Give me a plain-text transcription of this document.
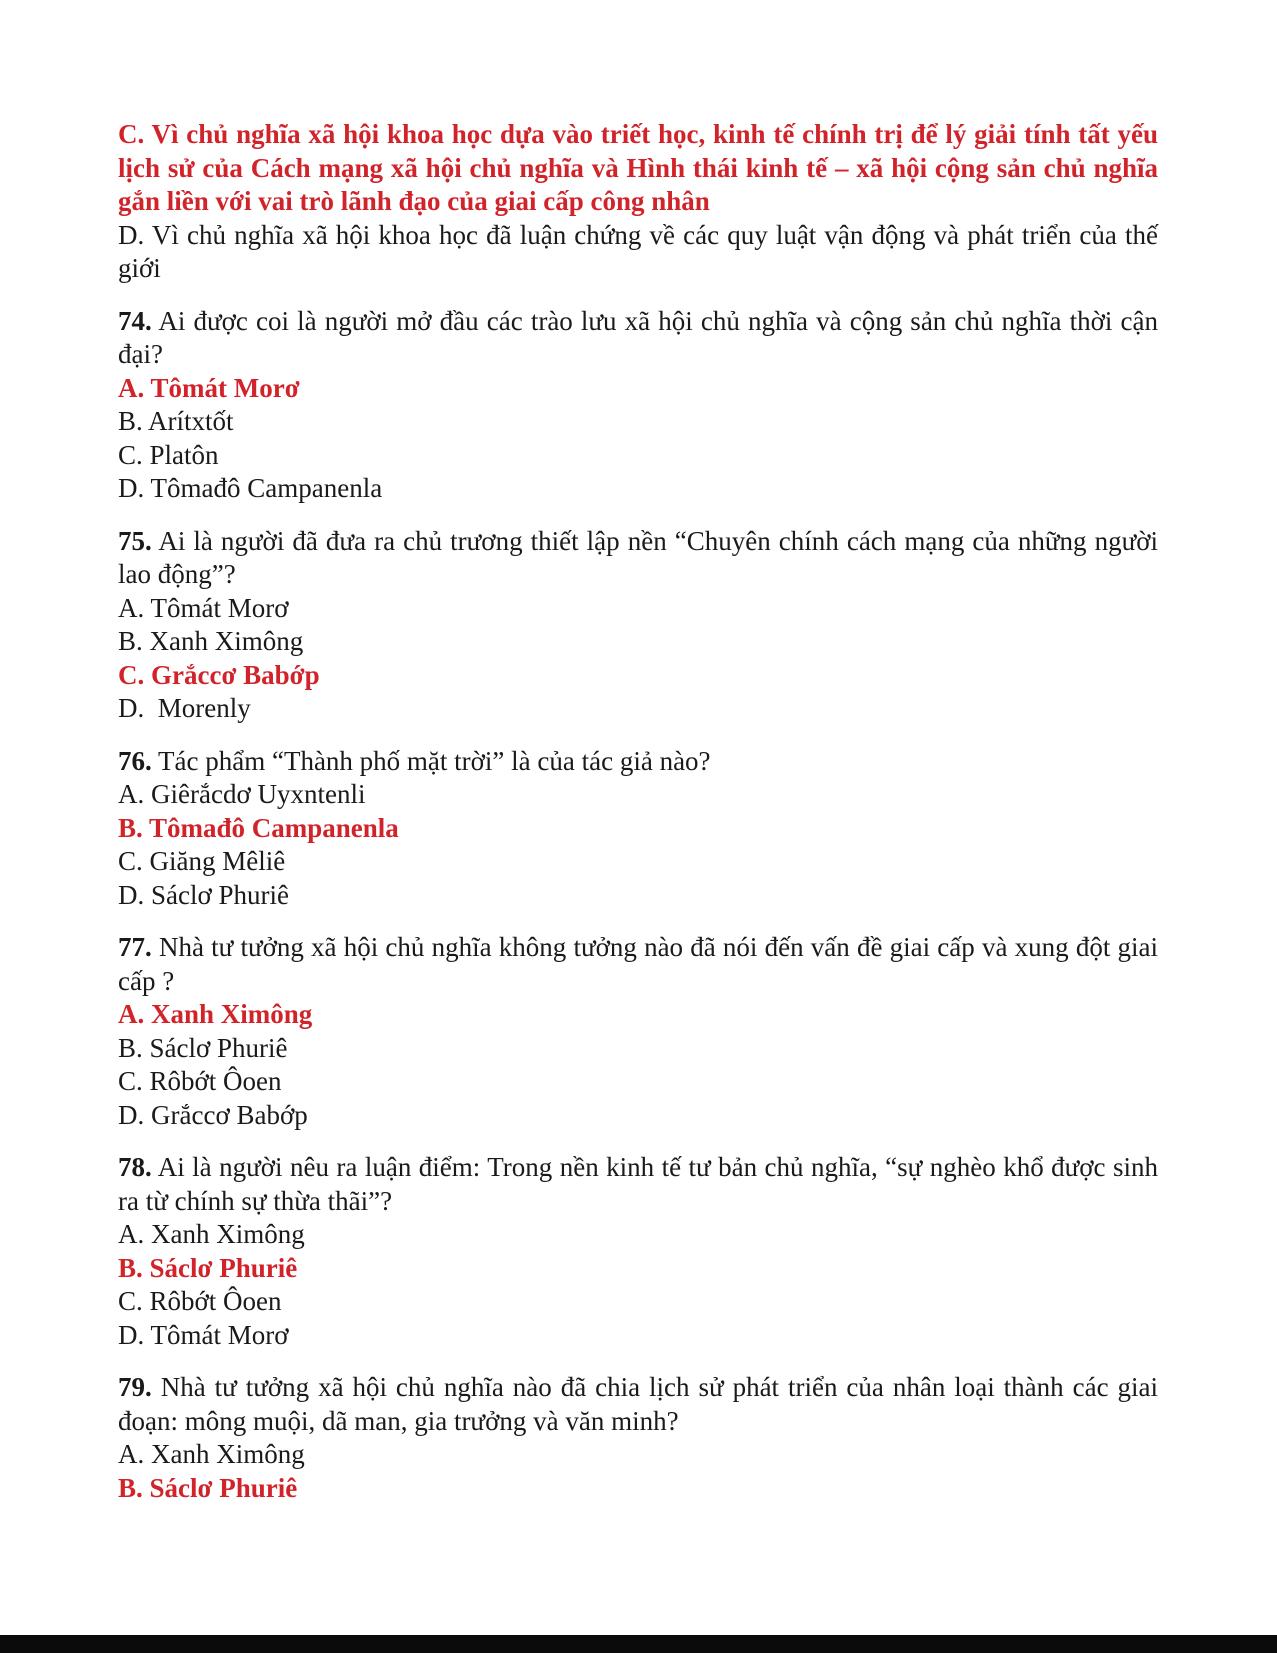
C. Vì chủ nghĩa xã hội khoa học dựa vào triết học, kinh tế chính trị để lý giải tính tất yếu lịch sử của Cách mạng xã hội chủ nghĩa và Hình thái kinh tế – xã hội cộng sản chủ nghĩa gắn liền với vai trò lãnh đạo của giai cấp công nhân

D. Vì chủ nghĩa xã hội khoa học đã luận chứng về các quy luật vận động và phát triển của thế giới

74. Ai được coi là người mở đầu các trào lưu xã hội chủ nghĩa và cộng sản chủ nghĩa thời cận đại?

A. Tômát Morơ
B. Arítxtốt
C. Platôn
D. Tômađô Campanenla

75. Ai là người đã đưa ra chủ trương thiết lập nền “Chuyên chính cách mạng của những người lao động”?

A. Tômát Morơ
B. Xanh Ximông
C. Grắccơ Babớp
D.  Morenly

76. Tác phẩm “Thành phố mặt trời” là của tác giả nào?

A. Giêrắcdơ Uyxntenli
B. Tômađô Campanenla
C. Giăng Mêliê
D. Sáclơ Phuriê

77. Nhà tư tưởng xã hội chủ nghĩa không tưởng nào đã nói đến vấn đề giai cấp và xung đột giai cấp ?

A. Xanh Ximông
B. Sáclơ Phuriê
C. Rôbớt Ôoen
D. Grắccơ Babớp

78. Ai là người nêu ra luận điểm: Trong nền kinh tế tư bản chủ nghĩa, “sự nghèo khổ được sinh ra từ chính sự thừa thãi”?

A. Xanh Ximông
B. Sáclơ Phuriê
C. Rôbớt Ôoen
D. Tômát Morơ

79. Nhà tư tưởng xã hội chủ nghĩa nào đã chia lịch sử phát triển của nhân loại thành các giai đoạn: mông muội, dã man, gia trưởng và văn minh?

A. Xanh Ximông
B. Sáclơ Phuriê
